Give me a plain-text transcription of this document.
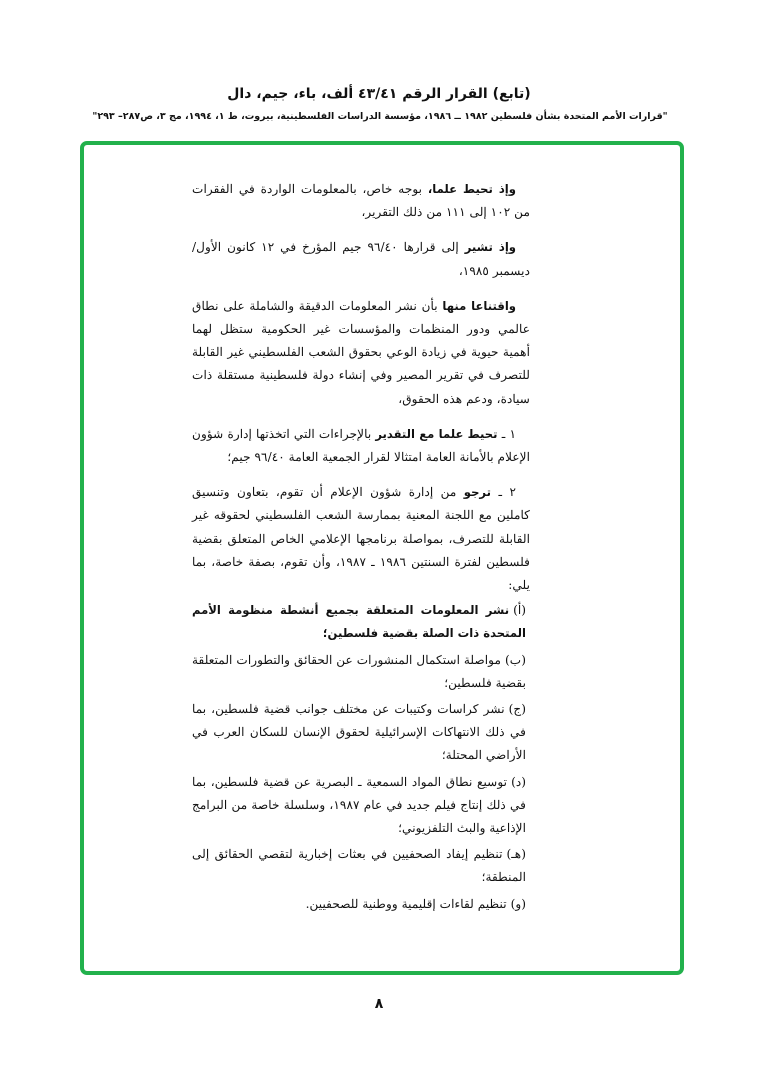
(تابع) القرار الرقم ٤٣/٤١ ألف، باء، جيم، دال
"قرارات الأمم المتحدة بشأن فلسطين ١٩٨٢ ــ ١٩٨٦، مؤسسة الدراسات الفلسطينية، بيروت، ط ١، ١٩٩٤، مج ٣، ص٢٨٧– ٢٩٣"

وإذ تحيط علما، بوجه خاص، بالمعلومات الواردة في الفقرات من ١٠٢ إلى ١١١ من ذلك التقرير،

وإذ تشير إلى قرارها ٩٦/٤٠ جيم المؤرخ في ١٢ كانون الأول/ديسمبر ١٩٨٥،

واقتناعا منها بأن نشر المعلومات الدقيقة والشاملة على نطاق عالمي ودور المنظمات والمؤسسات غير الحكومية ستظل لهما أهمية حيوية في زيادة الوعي بحقوق الشعب الفلسطيني غير القابلة للتصرف في تقرير المصير وفي إنشاء دولة فلسطينية مستقلة ذات سيادة، ودعم هذه الحقوق،

١ ـ تحيط علما مع التقدير بالإجراءات التي اتخذتها إدارة شؤون الإعلام بالأمانة العامة امتثالا لقرار الجمعية العامة ٩٦/٤٠ جيم؛

٢ ـ ترجو من إدارة شؤون الإعلام أن تقوم، بتعاون وتنسيق كاملين مع اللجنة المعنية بممارسة الشعب الفلسطيني لحقوقه غير القابلة للتصرف، بمواصلة برنامجها الإعلامي الخاص المتعلق بقضية فلسطين لفترة السنتين ١٩٨٦ ـ ١٩٨٧، وأن تقوم، بصفة خاصة، بما يلي:

(أ)نشر المعلومات المتعلقة بجميع أنشطة منظومة الأمم المتحدة ذات الصلة بقضية فلسطين؛

(ب)مواصلة استكمال المنشورات عن الحقائق والتطورات المتعلقة بقضية فلسطين؛

(ج)نشر كراسات وكتيبات عن مختلف جوانب قضية فلسطين، بما في ذلك الانتهاكات الإسرائيلية لحقوق الإنسان للسكان العرب في الأراضي المحتلة؛

(د)توسيع نطاق المواد السمعية ـ البصرية عن قضية فلسطين، بما في ذلك إنتاج فيلم جديد في عام ١٩٨٧، وسلسلة خاصة من البرامج الإذاعية والبث التلفزيوني؛

(هـ)تنظيم إيفاد الصحفيين في بعثات إخبارية لتقصي الحقائق إلى المنطقة؛

(و)تنظيم لقاءات إقليمية ووطنية للصحفيين.

٨
